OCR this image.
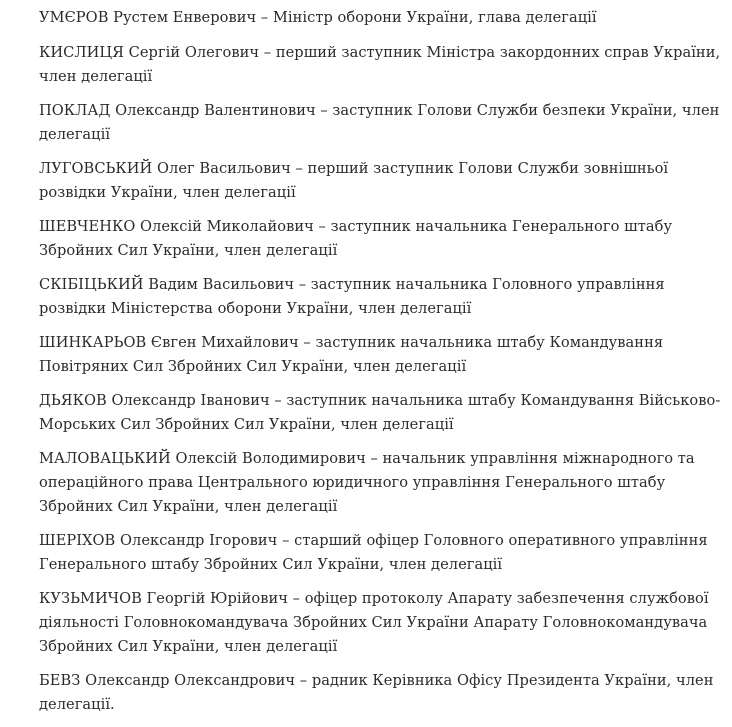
УМЄРОВ Рустем Енверович – Міністр оборони України, глава делегації

КИСЛИЦЯ Сергій Олегович – перший заступник Міністра закордонних справ України,
член делегації

ПОКЛАД Олександр Валентинович – заступник Голови Служби безпеки України, член
делегації

ЛУГОВСЬКИЙ Олег Васильович – перший заступник Голови Служби зовнішньої
розвідки України, член делегації

ШЕВЧЕНКО Олексій Миколайович – заступник начальника Генерального штабу
Збройних Сил України, член делегації

СКІБІЦЬКИЙ Вадим Васильович – заступник начальника Головного управління
розвідки Міністерства оборони України, член делегації

ШИНКАРЬОВ Євген Михайлович – заступник начальника штабу Командування
Повітряних Сил Збройних Сил України, член делегації

ДЬЯКОВ Олександр Іванович – заступник начальника штабу Командування Військово-
Морських Сил Збройних Сил України, член делегації

МАЛОВАЦЬКИЙ Олексій Володимирович – начальник управління міжнародного та
операційного права Центрального юридичного управління Генерального штабу
Збройних Сил України, член делегації

ШЕРІХОВ Олександр Ігорович – старший офіцер Головного оперативного управління
Генерального штабу Збройних Сил України, член делегації

КУЗЬМИЧОВ Георгій Юрійович – офіцер протоколу Апарату забезпечення службової
діяльності Головнокомандувача Збройних Сил України Апарату Головнокомандувача
Збройних Сил України, член делегації

БЕВЗ Олександр Олександрович – радник Керівника Офісу Президента України, член
делегації.
